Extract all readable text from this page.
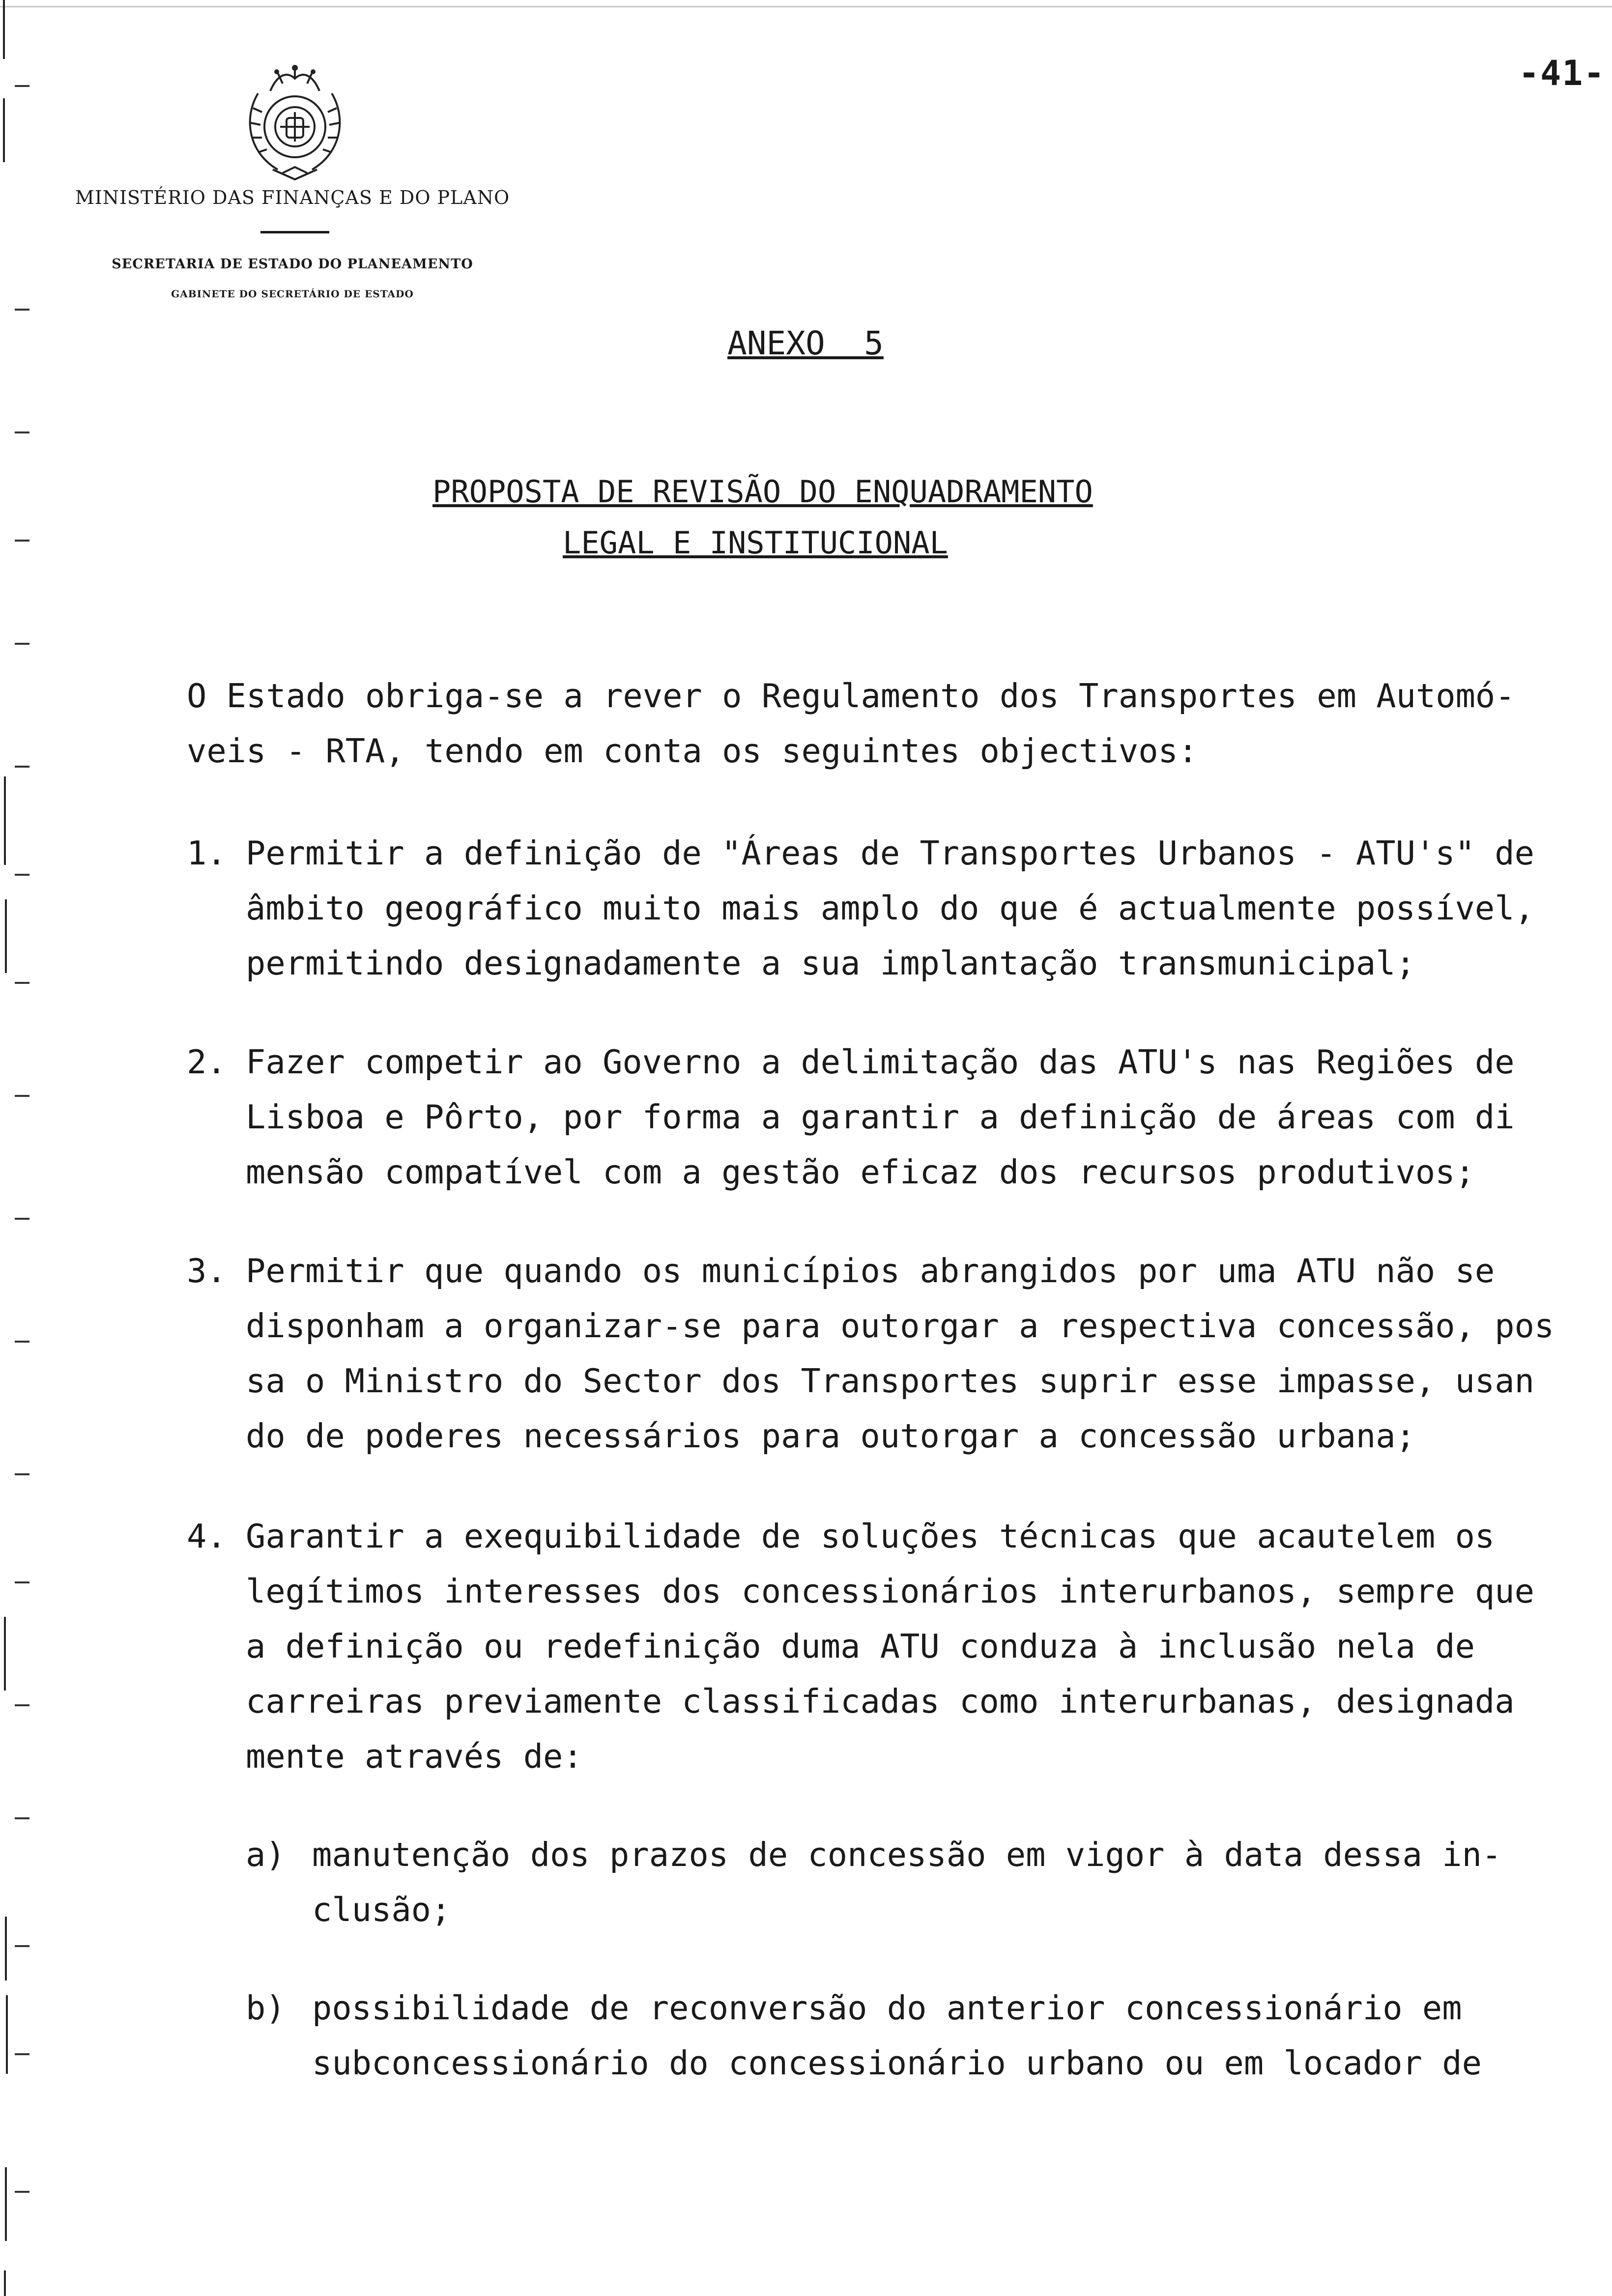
-41-
MINISTÉRIO DAS FINANÇAS E DO PLANO
SECRETARIA DE ESTADO DO PLANEAMENTO
GABINETE DO SECRETÁRIO DE ESTADO
ANEXO  5
PROPOSTA DE REVISÃO DO ENQUADRAMENTO
LEGAL E INSTITUCIONAL
O Estado obriga-se a rever o Regulamento dos Transportes em Automó-
veis - RTA, tendo em conta os seguintes objectivos:
1. Permitir a definição de "Áreas de Transportes Urbanos - ATU's" de
âmbito geográfico muito mais amplo do que é actualmente possível,
permitindo designadamente a sua implantação transmunicipal;
2. Fazer competir ao Governo a delimitação das ATU's nas Regiões de
Lisboa e Pôrto, por forma a garantir a definição de áreas com di
mensão compatível com a gestão eficaz dos recursos produtivos;
3. Permitir que quando os municípios abrangidos por uma ATU não se
disponham a organizar-se para outorgar a respectiva concessão, pos
sa o Ministro do Sector dos Transportes suprir esse impasse, usan
do de poderes necessários para outorgar a concessão urbana;
4. Garantir a exequibilidade de soluções técnicas que acautelem os
legítimos interesses dos concessionários interurbanos, sempre que
a definição ou redefinição duma ATU conduza à inclusão nela de
carreiras previamente classificadas como interurbanas, designada
mente através de:
a) manutenção dos prazos de concessão em vigor à data dessa in-
clusão;
b) possibilidade de reconversão do anterior concessionário em
subconcessionário do concessionário urbano ou em locador de
